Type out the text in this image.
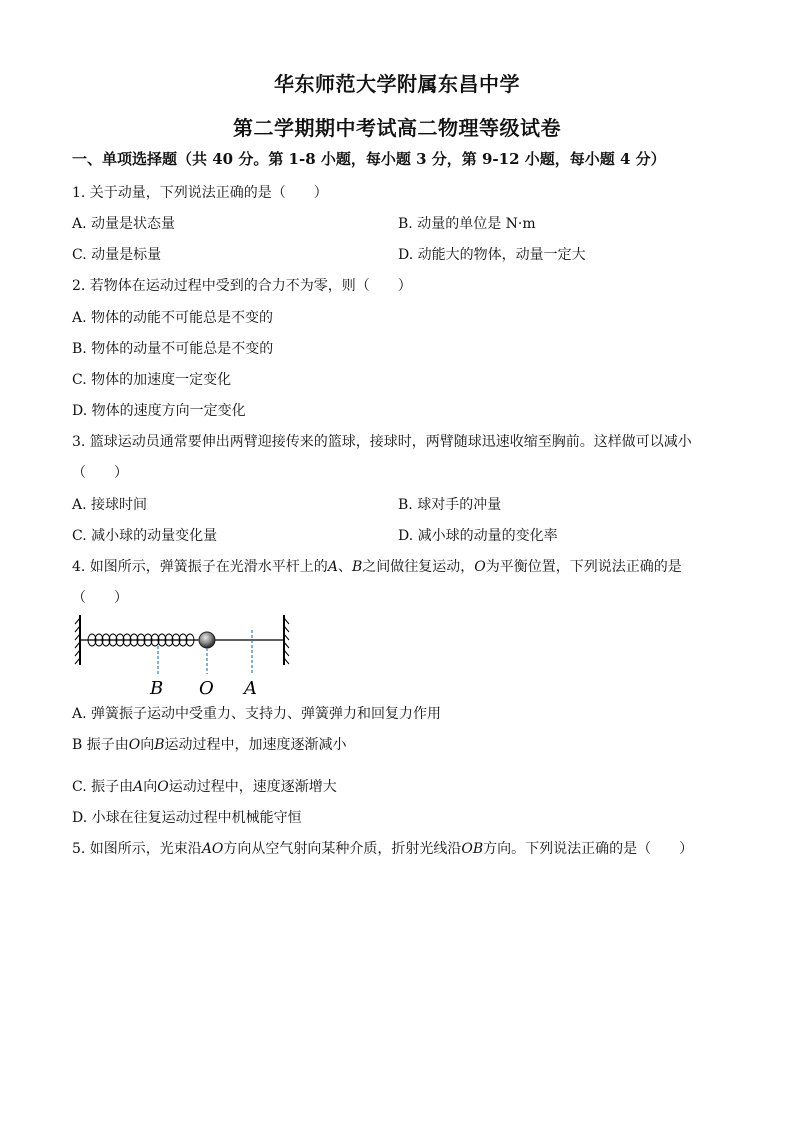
华东师范大学附属东昌中学
第二学期期中考试高二物理等级试卷
一、单项选择题（共 40 分。第 1-8 小题，每小题 3 分，第 9-12 小题，每小题 4 分）
1. 关于动量，下列说法正确的是（　　）
A. 动量是状态量	B. 动量的单位是 N·m
C. 动量是标量	D. 动能大的物体，动量一定大
2. 若物体在运动过程中受到的合力不为零，则（　　）
A. 物体的动能不可能总是不变的
B. 物体的动量不可能总是不变的
C. 物体的加速度一定变化
D. 物体的速度方向一定变化
3. 篮球运动员通常要伸出两臂迎接传来的篮球，接球时，两臂随球迅速收缩至胸前。这样做可以减小
（　　）
A. 接球时间	B. 球对手的冲量
C. 减小球的动量变化量	D. 减小球的动量的变化率
4. 如图所示，弹簧振子在光滑水平杆上的A、B之间做往复运动，O为平衡位置，下列说法正确的是
（　　）
B O A
A. 弹簧振子运动中受重力、支持力、弹簧弹力和回复力作用
B 振子由O向B运动过程中，加速度逐渐减小
C. 振子由A向O运动过程中，速度逐渐增大
D. 小球在往复运动过程中机械能守恒
5. 如图所示，光束沿AO方向从空气射向某种介质，折射光线沿OB方向。下列说法正确的是（　　）
